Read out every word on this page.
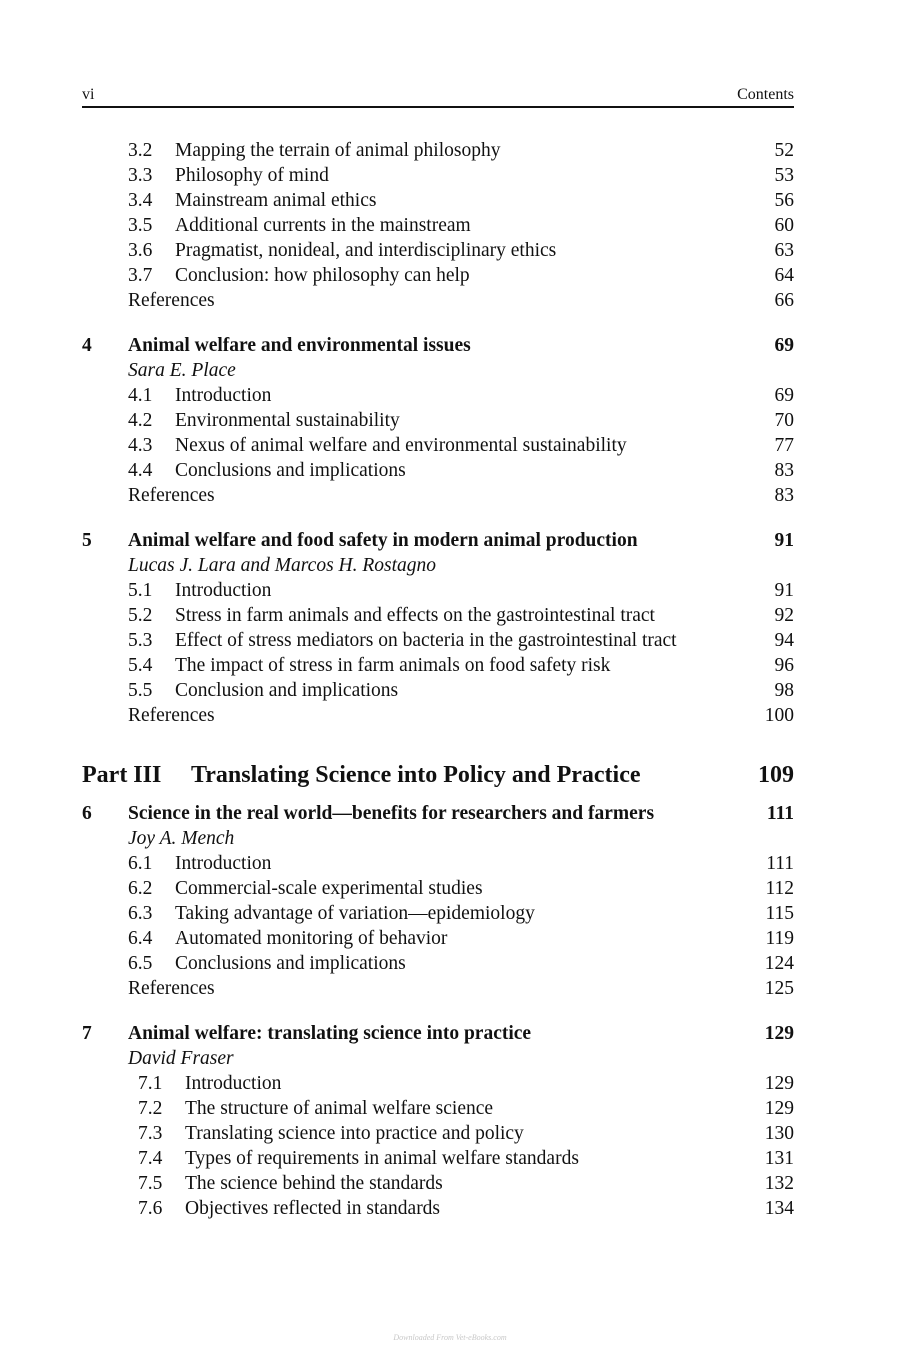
vi	Contents
3.2 Mapping the terrain of animal philosophy	52
3.3 Philosophy of mind	53
3.4 Mainstream animal ethics	56
3.5 Additional currents in the mainstream	60
3.6 Pragmatist, nonideal, and interdisciplinary ethics	63
3.7 Conclusion: how philosophy can help	64
References	66
4 Animal welfare and environmental issues	69
Sara E. Place
4.1 Introduction	69
4.2 Environmental sustainability	70
4.3 Nexus of animal welfare and environmental sustainability	77
4.4 Conclusions and implications	83
References	83
5 Animal welfare and food safety in modern animal production	91
Lucas J. Lara and Marcos H. Rostagno
5.1 Introduction	91
5.2 Stress in farm animals and effects on the gastrointestinal tract	92
5.3 Effect of stress mediators on bacteria in the gastrointestinal tract	94
5.4 The impact of stress in farm animals on food safety risk	96
5.5 Conclusion and implications	98
References	100
Part III Translating Science into Policy and Practice	109
6 Science in the real world—benefits for researchers and farmers	111
Joy A. Mench
6.1 Introduction	111
6.2 Commercial-scale experimental studies	112
6.3 Taking advantage of variation—epidemiology	115
6.4 Automated monitoring of behavior	119
6.5 Conclusions and implications	124
References	125
7 Animal welfare: translating science into practice	129
David Fraser
7.1 Introduction	129
7.2 The structure of animal welfare science	129
7.3 Translating science into practice and policy	130
7.4 Types of requirements in animal welfare standards	131
7.5 The science behind the standards	132
7.6 Objectives reflected in standards	134
Downloaded From Vet-eBooks.com
